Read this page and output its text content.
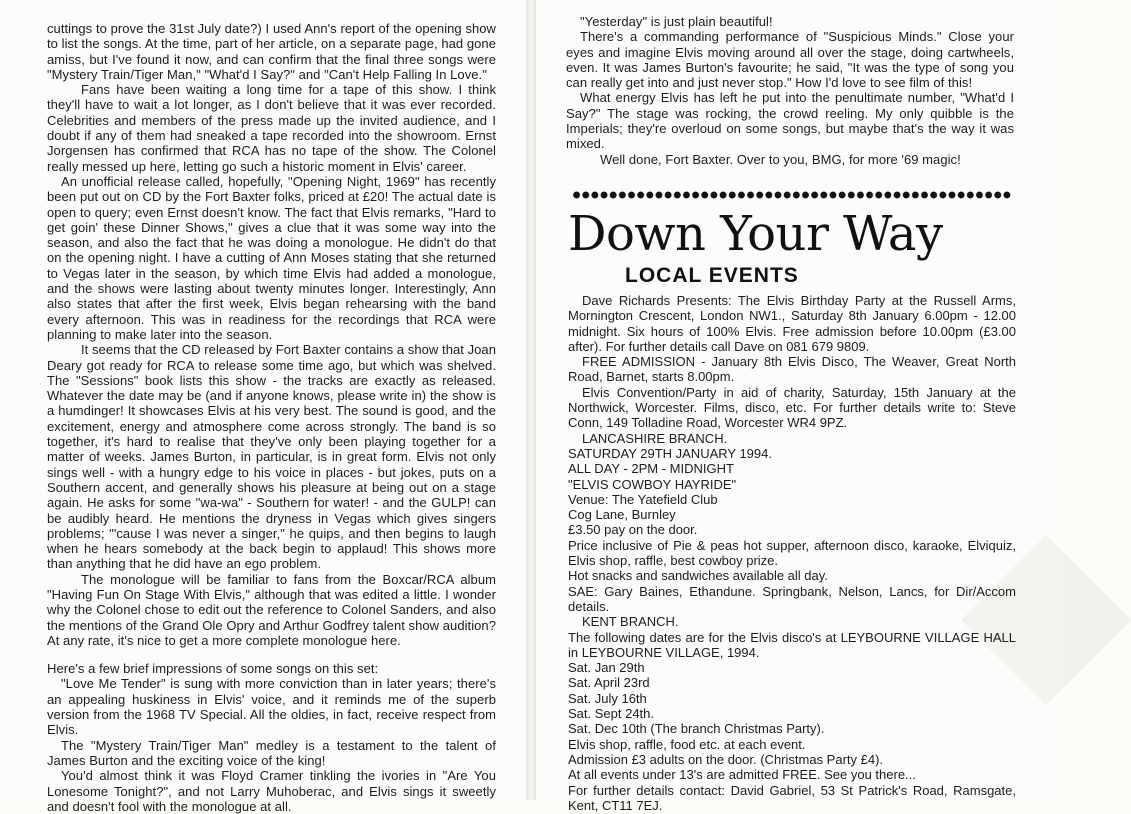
cuttings to prove the 31st July date?) I used Ann's report of the opening show to list the songs. At the time, part of her article, on a separate page, had gone amiss, but I've found it now, and can confirm that the final three songs were "Mystery Train/Tiger Man," "What'd I Say?" and "Can't Help Falling In Love."

Fans have been waiting a long time for a tape of this show. I think they'll have to wait a lot longer, as I don't believe that it was ever recorded. Celebrities and members of the press made up the invited audience, and I doubt if any of them had sneaked a tape recorded into the showroom. Ernst Jorgensen has confirmed that RCA has no tape of the show. The Colonel really messed up here, letting go such a historic moment in Elvis' career.

An unofficial release called, hopefully, "Opening Night, 1969" has recently been put out on CD by the Fort Baxter folks, priced at £20! The actual date is open to query; even Ernst doesn't know. The fact that Elvis remarks, "Hard to get goin' these Dinner Shows," gives a clue that it was some way into the season, and also the fact that he was doing a monologue. He didn't do that on the opening night. I have a cutting of Ann Moses stating that she returned to Vegas later in the season, by which time Elvis had added a monologue, and the shows were lasting about twenty minutes longer. Interestingly, Ann also states that after the first week, Elvis began rehearsing with the band every afternoon. This was in readiness for the recordings that RCA were planning to make later into the season.

It seems that the CD released by Fort Baxter contains a show that Joan Deary got ready for RCA to release some time ago, but which was shelved. The "Sessions" book lists this show - the tracks are exactly as released. Whatever the date may be (and if anyone knows, please write in) the show is a humdinger! It showcases Elvis at his very best. The sound is good, and the excitement, energy and atmosphere come across strongly. The band is so together, it's hard to realise that they've only been playing together for a matter of weeks. James Burton, in particular, is in great form. Elvis not only sings well - with a hungry edge to his voice in places - but jokes, puts on a Southern accent, and generally shows his pleasure at being out on a stage again. He asks for some "wa-wa" - Southern for water! - and the GULP! can be audibly heard. He mentions the dryness in Vegas which gives singers problems; "'cause I was never a singer," he quips, and then begins to laugh when he hears somebody at the back begin to applaud! This shows more than anything that he did have an ego problem.

The monologue will be familiar to fans from the Boxcar/RCA album "Having Fun On Stage With Elvis," although that was edited a little. I wonder why the Colonel chose to edit out the reference to Colonel Sanders, and also the mentions of the Grand Ole Opry and Arthur Godfrey talent show audition? At any rate, it's nice to get a more complete monologue here.

Here's a few brief impressions of some songs on this set:

"Love Me Tender" is sung with more conviction than in later years; there's an appealing huskiness in Elvis' voice, and it reminds me of the superb version from the 1968 TV Special. All the oldies, in fact, receive respect from Elvis.

The "Mystery Train/Tiger Man" medley is a testament to the talent of James Burton and the exciting voice of the king!

You'd almost think it was Floyd Cramer tinkling the ivories in "Are You Lonesome Tonight?", and not Larry Muhoberac, and Elvis sings it sweetly and doesn't fool with the monologue at all.

"Yesterday" is just plain beautiful!

There's a commanding performance of "Suspicious Minds." Close your eyes and imagine Elvis moving around all over the stage, doing cartwheels, even. It was James Burton's favourite; he said, "It was the type of song you can really get into and just never stop." How I'd love to see film of this!

What energy Elvis has left he put into the penultimate number, "What'd I Say?" The stage was rocking, the crowd reeling. My only quibble is the Imperials; they're overloud on some songs, but maybe that's the way it was mixed.

Well done, Fort Baxter. Over to you, BMG, for more '69 magic!

Down Your Way
LOCAL EVENTS

Dave Richards Presents: The Elvis Birthday Party at the Russell Arms, Mornington Crescent, London NW1., Saturday 8th January 6.00pm - 12.00 midnight. Six hours of 100% Elvis. Free admission before 10.00pm (£3.00 after). For further details call Dave on 081 679 9809.

FREE ADMISSION - January 8th Elvis Disco, The Weaver, Great North Road, Barnet, starts 8.00pm.

Elvis Convention/Party in aid of charity, Saturday, 15th January at the Northwick, Worcester. Films, disco, etc. For further details write to: Steve Conn, 149 Tolladine Road, Worcester WR4 9PZ.

LANCASHIRE BRANCH.

SATURDAY 29TH JANUARY 1994.

ALL DAY - 2PM - MIDNIGHT

"ELVIS COWBOY HAYRIDE"

Venue: The Yatefield Club

Cog Lane, Burnley

£3.50 pay on the door.

Price inclusive of Pie & peas hot supper, afternoon disco, karaoke, Elviquiz, Elvis shop, raffle, best cowboy prize.

Hot snacks and sandwiches available all day.

SAE: Gary Baines, Ethandune. Springbank, Nelson, Lancs, for Dir/Accom details.

KENT BRANCH.

The following dates are for the Elvis disco's at LEYBOURNE VILLAGE HALL in LEYBOURNE VILLAGE, 1994.

Sat. Jan 29th

Sat. April 23rd

Sat. July 16th

Sat. Sept 24th.

Sat. Dec 10th (The branch Christmas Party).

Elvis shop, raffle, food etc. at each event.

Admission £3 adults on the door. (Christmas Party £4).

At all events under 13's are admitted FREE. See you there...

For further details contact: David Gabriel, 53 St Patrick's Road, Ramsgate, Kent, CT11 7EJ.
